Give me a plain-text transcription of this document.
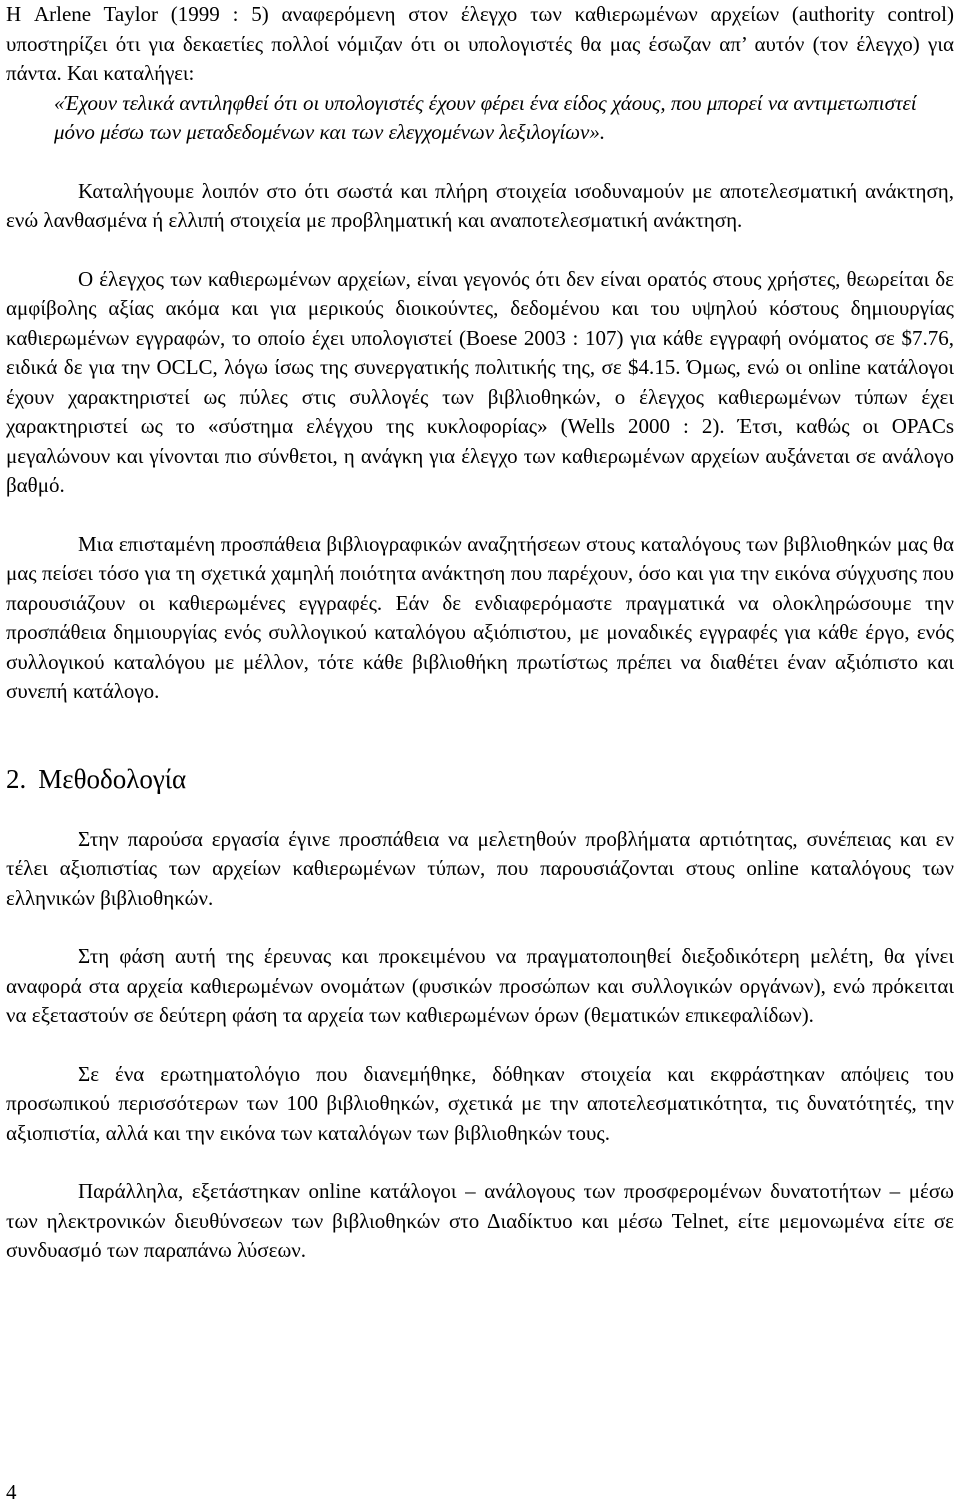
Η Arlene Taylor (1999 : 5) αναφερόμενη στον έλεγχο των καθιερωμένων αρχείων (authority control) υποστηρίζει ότι για δεκαετίες πολλοί νόμιζαν ότι οι υπολογιστές θα μας έσωζαν απ’ αυτόν (τον έλεγχο) για πάντα. Και καταλήγει:

«Έχουν τελικά αντιληφθεί ότι οι υπολογιστές έχουν φέρει ένα είδος χάους, που μπορεί να αντιμετωπιστεί μόνο μέσω των μεταδεδομένων και των ελεγχομένων λεξιλογίων».

Καταλήγουμε λοιπόν στο ότι σωστά και πλήρη στοιχεία ισοδυναμούν με αποτελεσματική ανάκτηση, ενώ λανθασμένα ή ελλιπή στοιχεία με προβληματική και αναποτελεσματική ανάκτηση.

Ο έλεγχος των καθιερωμένων αρχείων, είναι γεγονός ότι δεν είναι ορατός στους χρήστες, θεωρείται δε αμφίβολης αξίας ακόμα και για μερικούς διοικούντες, δεδομένου και του υψηλού κόστους δημιουργίας καθιερωμένων εγγραφών, το οποίο έχει υπολογιστεί (Boese 2003 : 107) για κάθε εγγραφή ονόματος σε $7.76, ειδικά δε για την OCLC, λόγω ίσως της συνεργατικής πολιτικής της, σε $4.15. Όμως, ενώ οι online κατάλογοι έχουν χαρακτηριστεί ως πύλες στις συλλογές των βιβλιοθηκών, ο έλεγχος καθιερωμένων τύπων έχει χαρακτηριστεί ως το «σύστημα ελέγχου της κυκλοφορίας» (Wells 2000 : 2). Έτσι, καθώς οι OPACs μεγαλώνουν και γίνονται πιο σύνθετοι, η ανάγκη για έλεγχο των καθιερωμένων αρχείων αυξάνεται σε ανάλογο βαθμό.

Μια επισταμένη προσπάθεια βιβλιογραφικών αναζητήσεων στους καταλόγους των βιβλιοθηκών μας θα μας πείσει τόσο για τη σχετικά χαμηλή ποιότητα ανάκτηση που παρέχουν, όσο και για την εικόνα σύγχυσης που παρουσιάζουν οι καθιερωμένες εγγραφές. Εάν δε ενδιαφερόμαστε πραγματικά να ολοκληρώσουμε την προσπάθεια δημιουργίας ενός συλλογικού καταλόγου αξιόπιστου, με μοναδικές εγγραφές για κάθε έργο, ενός συλλογικού καταλόγου με μέλλον, τότε κάθε βιβλιοθήκη πρωτίστως πρέπει να διαθέτει έναν αξιόπιστο και συνεπή κατάλογο.

2. Μεθοδολογία

Στην παρούσα εργασία έγινε προσπάθεια να μελετηθούν προβλήματα αρτιότητας, συνέπειας και εν τέλει αξιοπιστίας των αρχείων καθιερωμένων τύπων, που παρουσιάζονται στους online καταλόγους των ελληνικών βιβλιοθηκών.

Στη φάση αυτή της έρευνας και προκειμένου να πραγματοποιηθεί διεξοδικότερη μελέτη, θα γίνει αναφορά στα αρχεία καθιερωμένων ονομάτων (φυσικών προσώπων και συλλογικών οργάνων), ενώ πρόκειται να εξεταστούν σε δεύτερη φάση τα αρχεία των καθιερωμένων όρων (θεματικών επικεφαλίδων).

Σε ένα ερωτηματολόγιο που διανεμήθηκε, δόθηκαν στοιχεία και εκφράστηκαν απόψεις του προσωπικού περισσότερων των 100 βιβλιοθηκών, σχετικά με την αποτελεσματικότητα, τις δυνατότητές, την αξιοπιστία, αλλά και την εικόνα των καταλόγων των βιβλιοθηκών τους.

Παράλληλα, εξετάστηκαν online κατάλογοι – ανάλογους των προσφερομένων δυνατοτήτων – μέσω των ηλεκτρονικών διευθύνσεων των βιβλιοθηκών στο Διαδίκτυο και μέσω Telnet, είτε μεμονωμένα είτε σε συνδυασμό των παραπάνω λύσεων.

4
